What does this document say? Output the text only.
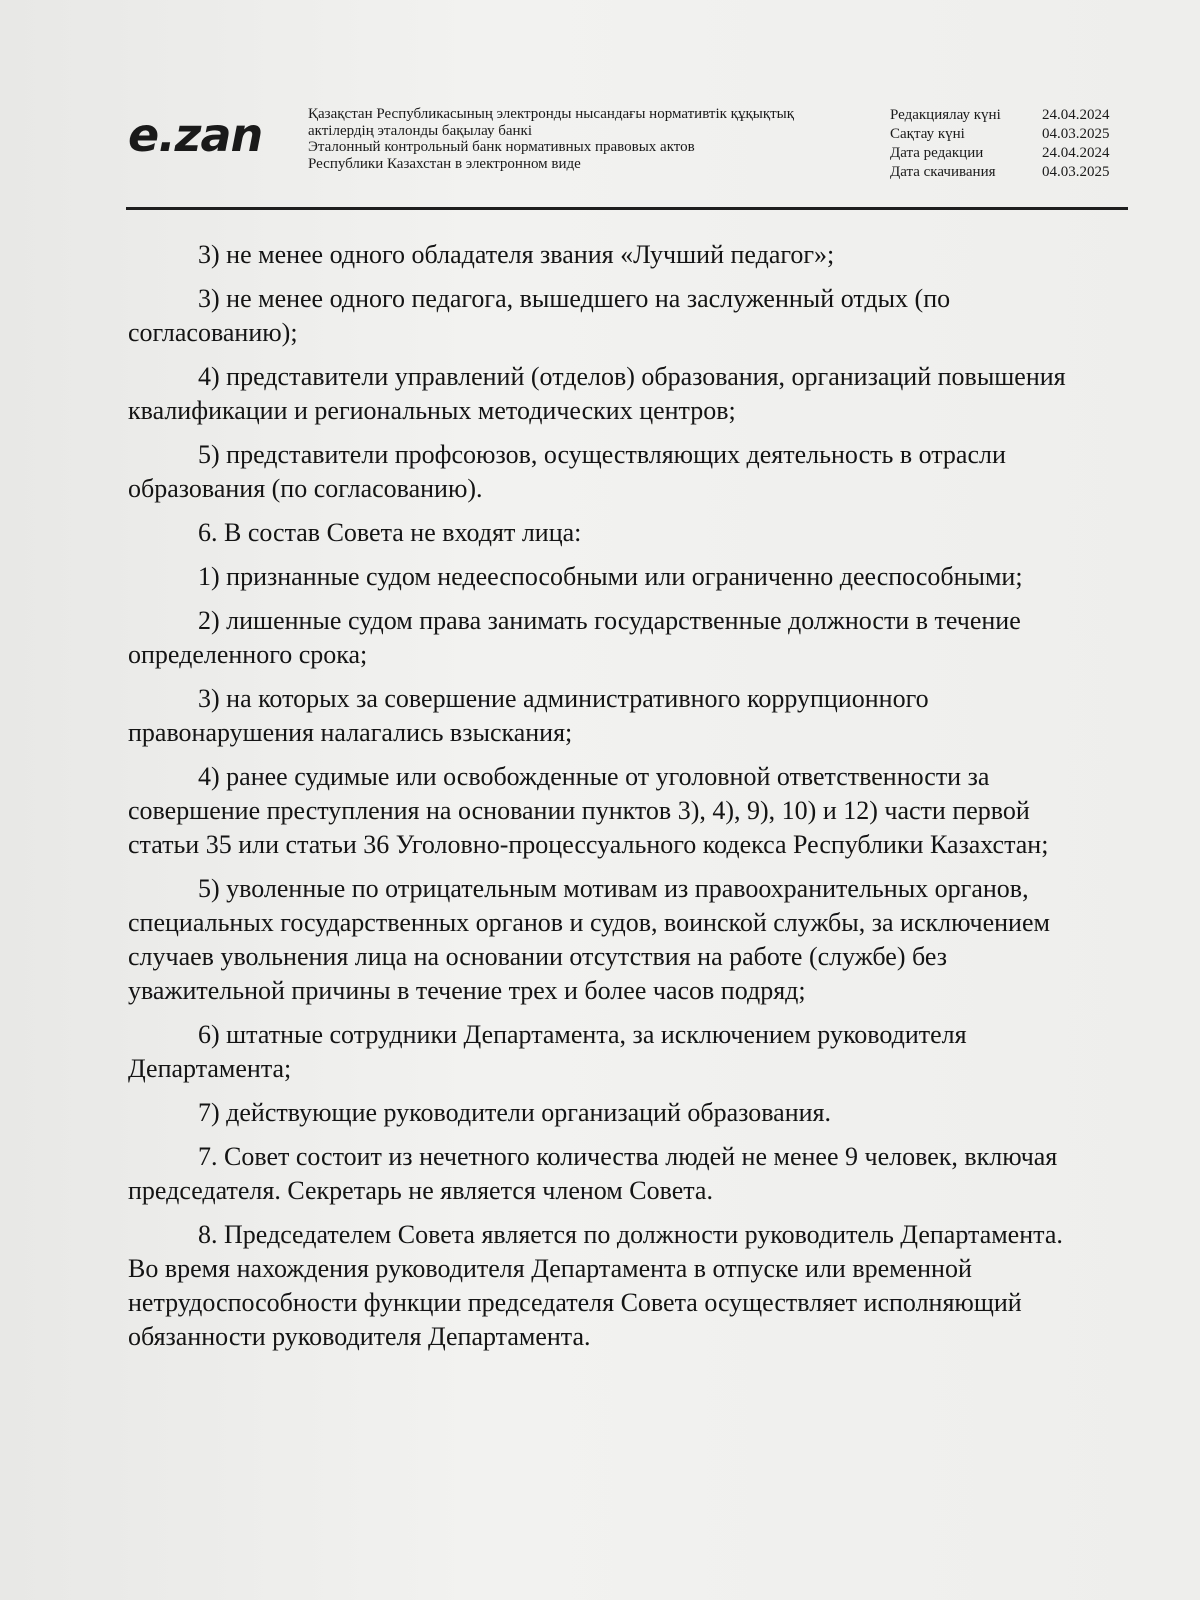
e.zan	Қазақстан Республикасының электронды нысандағы нормативтік құқықтық
актілердің эталонды бақылау банкі
Эталонный контрольный банк нормативных правовых актов
Республики Казахстан в электронном виде
Редакциялау күні	24.04.2024
Сақтау күні	04.03.2025
Дата редакции	24.04.2024
Дата скачивания	04.03.2025

3) не менее одного обладателя звания «Лучший педагог»;

3) не менее одного педагога, вышедшего на заслуженный отдых (по согласованию);

4) представители управлений (отделов) образования, организаций повышения квалификации и региональных методических центров;

5) представители профсоюзов, осуществляющих деятельность в отрасли образования (по согласованию).

6. В состав Совета не входят лица:

1) признанные судом недееспособными или ограниченно дееспособными;

2) лишенные судом права занимать государственные должности в течение определенного срока;

3) на которых за совершение административного коррупционного правонарушения налагались взыскания;

4) ранее судимые или освобожденные от уголовной ответственности за совершение преступления на основании пунктов 3), 4), 9), 10) и 12) части первой статьи 35 или статьи 36 Уголовно-процессуального кодекса Республики Казахстан;

5) уволенные по отрицательным мотивам из правоохранительных органов, специальных государственных органов и судов, воинской службы, за исключением случаев увольнения лица на основании отсутствия на работе (службе) без уважительной причины в течение трех и более часов подряд;

6) штатные сотрудники Департамента, за исключением руководителя Департамента;

7) действующие руководители организаций образования.

7. Совет состоит из нечетного количества людей не менее 9 человек, включая председателя. Секретарь не является членом Совета.

8. Председателем Совета является по должности руководитель Департамента. Во время нахождения руководителя Департамента в отпуске или временной нетрудоспособности функции председателя Совета осуществляет исполняющий обязанности руководителя Департамента.
